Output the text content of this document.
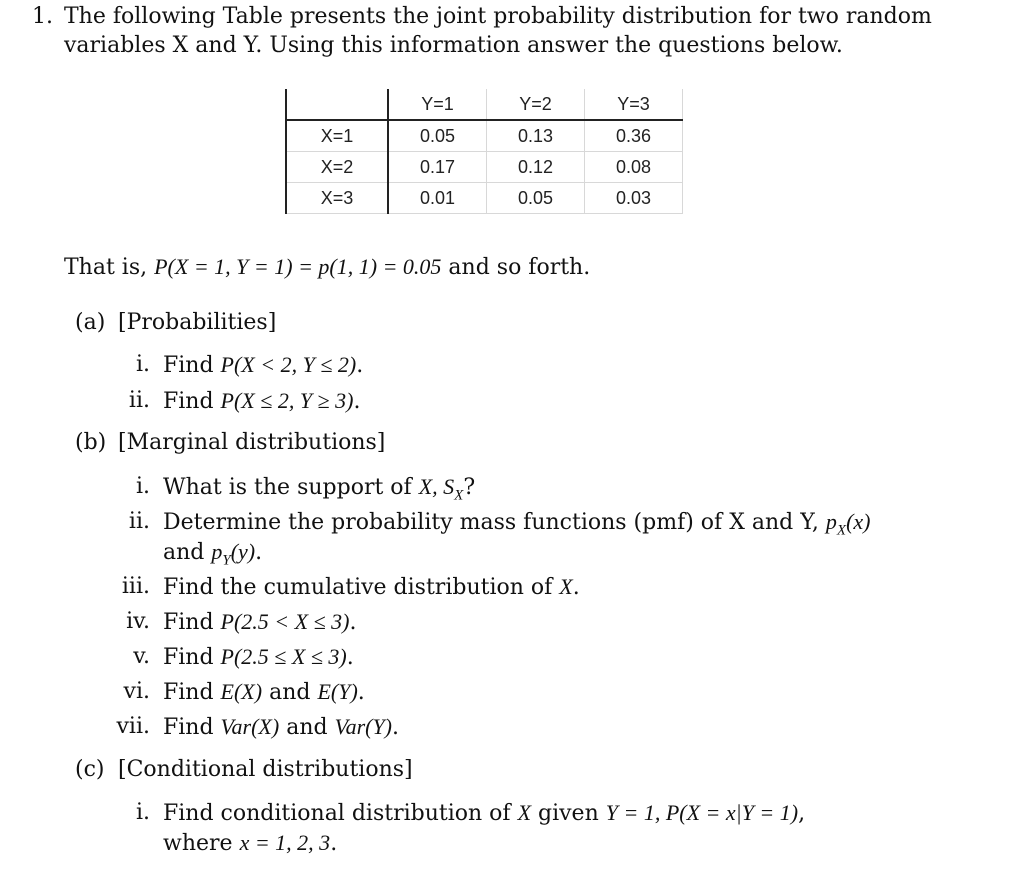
1. The following Table presents the joint probability distribution for two random
variables X and Y. Using this information answer the questions below.
	Y=1	Y=2	Y=3
X=1	0.05	0.13	0.36
X=2	0.17	0.12	0.08
X=3	0.01	0.05	0.03
That is, P(X = 1, Y = 1) = p(1, 1) = 0.05 and so forth.
(a) [Probabilities]
i. Find P(X < 2, Y ≤ 2).
ii. Find P(X ≤ 2, Y ≥ 3).
(b) [Marginal distributions]
i. What is the support of X, $S_X$?
ii. Determine the probability mass functions (pmf) of X and Y, $p_X(x)$
and $p_Y(y)$.
iii. Find the cumulative distribution of X.
iv. Find P(2.5 < X ≤ 3).
v. Find P(2.5 ≤ X ≤ 3).
vi. Find E(X) and E(Y).
vii. Find Var(X) and Var(Y).
(c) [Conditional distributions]
i. Find conditional distribution of X given Y = 1, P(X = x|Y = 1),
where x = 1, 2, 3.
